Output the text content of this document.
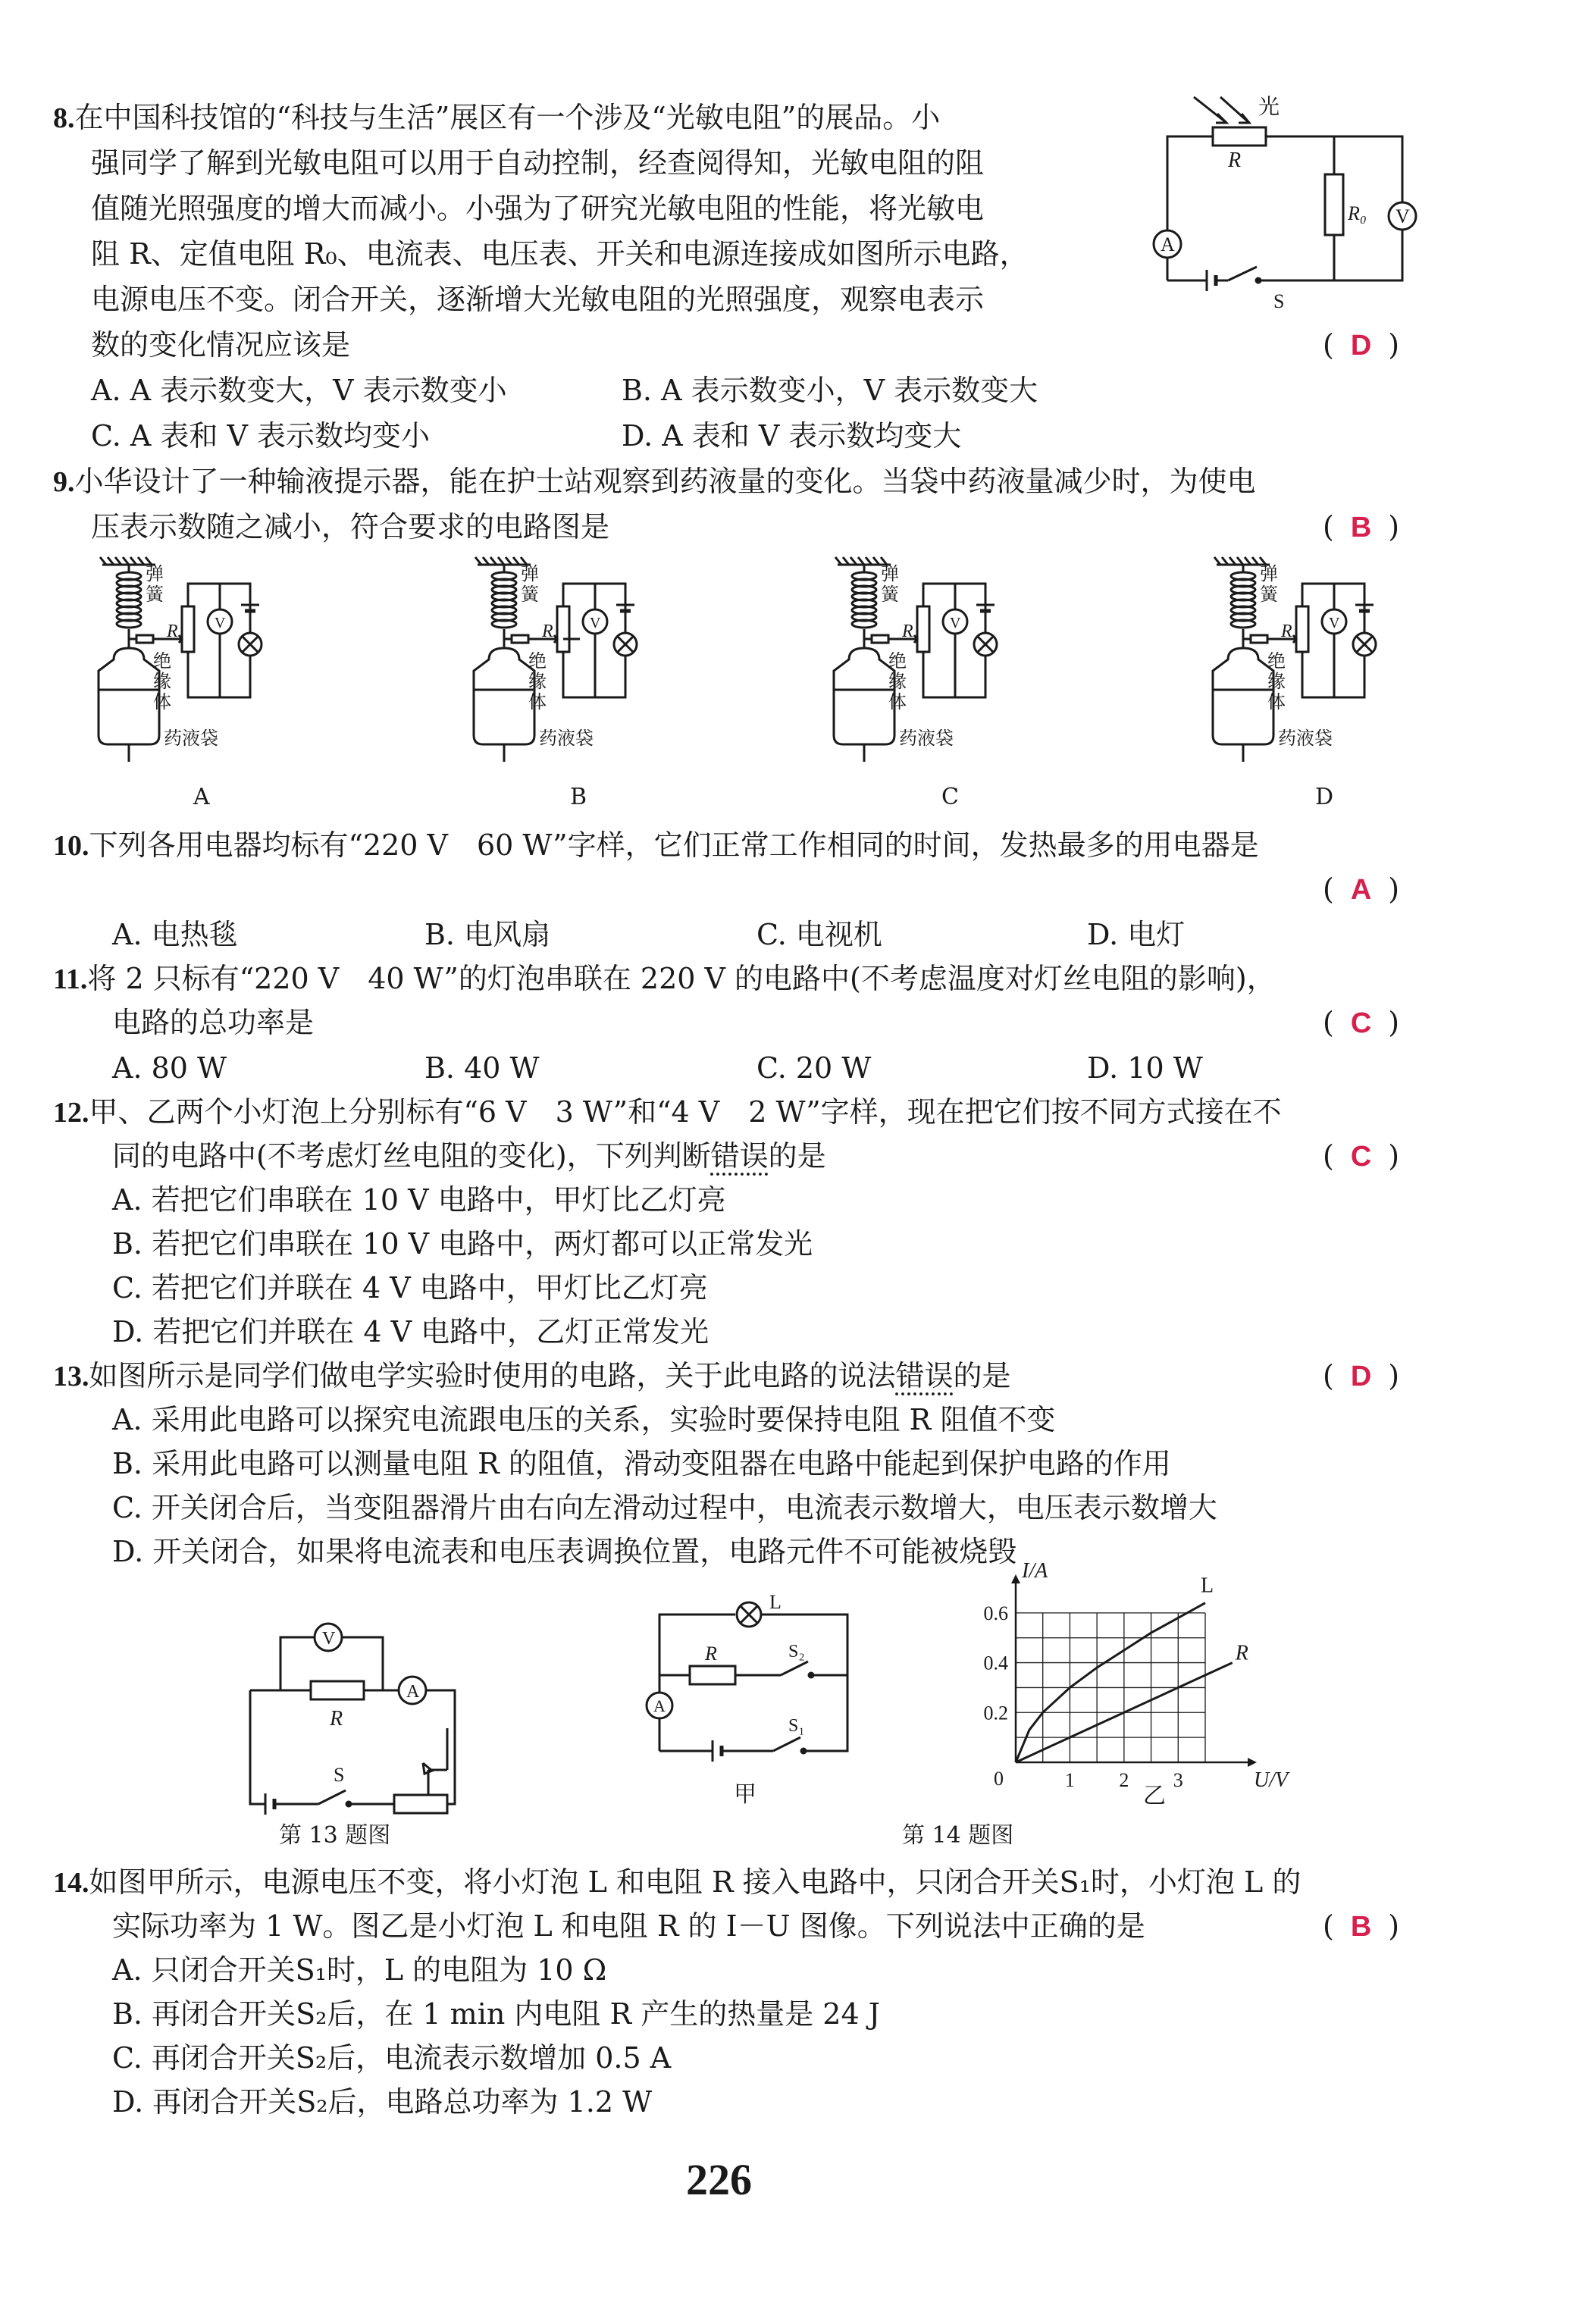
8.在中国科技馆的“科技与生活”展区有一个涉及“光敏电阻”的展品。小
强同学了解到光敏电阻可以用于自动控制，经查阅得知，光敏电阻的阻
值随光照强度的增大而减小。小强为了研究光敏电阻的性能，将光敏电
阻 R、定值电阻 R₀、电流表、电压表、开关和电源连接成如图所示电路，
电源电压不变。闭合开关，逐渐增大光敏电阻的光照强度，观察电表示
数的变化情况应该是	( D )
A. A 表示数变大，V 表示数变小	B. A 表示数变小，V 表示数变大
C. A 表和 V 表示数均变小	D. A 表和 V 表示数均变大
光
R
R₀
A
V
S
9.小华设计了一种输液提示器，能在护士站观察到药液量的变化。当袋中药液量减少时，为使电
压表示数随之减小，符合要求的电路图是	( B )
弹
簧
绝
缘
体
R V
药液袋
弹
簧
绝
缘
体
R V
药液袋
弹
簧
绝
缘
体
R V
药液袋
弹
簧
绝
缘
体
R V
药液袋
A	B	C	D
10.下列各用电器均标有“220 V　60 W”字样，它们正常工作相同的时间，发热最多的用电器是
( A )
A. 电热毯	B. 电风扇	C. 电视机	D. 电灯
11.将 2 只标有“220 V　40 W”的灯泡串联在 220 V 的电路中(不考虑温度对灯丝电阻的影响)，
电路的总功率是	( C )
A. 80 W	B. 40 W	C. 20 W	D. 10 W
12.甲、乙两个小灯泡上分别标有“6 V　3 W”和“4 V　2 W”字样，现在把它们按不同方式接在不
同的电路中(不考虑灯丝电阻的变化)，下列判断错误的是	( C )
A. 若把它们串联在 10 V 电路中，甲灯比乙灯亮
B. 若把它们串联在 10 V 电路中，两灯都可以正常发光
C. 若把它们并联在 4 V 电路中，甲灯比乙灯亮
D. 若把它们并联在 4 V 电路中，乙灯正常发光
13.如图所示是同学们做电学实验时使用的电路，关于此电路的说法错误的是	( D )
A. 采用此电路可以探究电流跟电压的关系，实验时要保持电阻 R 阻值不变
B. 采用此电路可以测量电阻 R 的阻值，滑动变阻器在电路中能起到保护电路的作用
C. 开关闭合后，当变阻器滑片由右向左滑动过程中，电流表示数增大，电压表示数增大
D. 开关闭合，如果将电流表和电压表调换位置，电路元件不可能被烧毁
V
A
R
S
第 13 题图
L
R	S₂
S₁
A
甲
1 2 3
0.2
0.4
0.6
0
I/A
U/V
L
R
乙
第 14 题图
14.如图甲所示，电源电压不变，将小灯泡 L 和电阻 R 接入电路中，只闭合开关S₁时，小灯泡 L 的
实际功率为 1 W。图乙是小灯泡 L 和电阻 R 的 I－U 图像。下列说法中正确的是	( B )
A. 只闭合开关S₁时，L 的电阻为 10 Ω
B. 再闭合开关S₂后，在 1 min 内电阻 R 产生的热量是 24 J
C. 再闭合开关S₂后，电流表示数增加 0.5 A
D. 再闭合开关S₂后，电路总功率为 1.2 W
226
